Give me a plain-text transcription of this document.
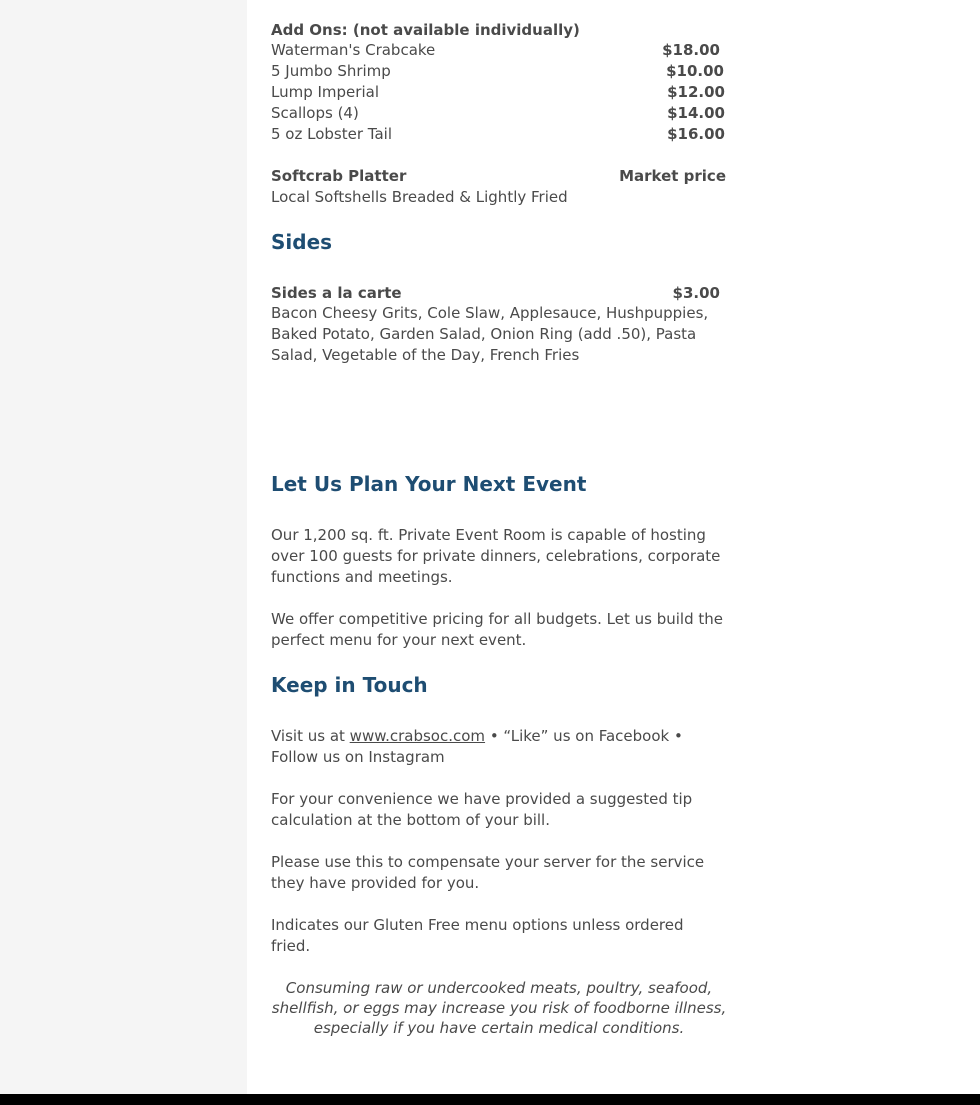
Add Ons: (not available individually)
Waterman's Crabcake	$18.00
5 Jumbo Shrimp	$10.00
Lump Imperial	$12.00
Scallops (4)	$14.00
5 oz Lobster Tail	$16.00
Softcrab Platter	Market price
Local Softshells Breaded & Lightly Fried
Sides
Sides a la carte	$3.00
Bacon Cheesy Grits, Cole Slaw, Applesauce, Hushpuppies, Baked Potato, Garden Salad, Onion Ring (add .50), Pasta Salad, Vegetable of the Day, French Fries
Let Us Plan Your Next Event
Our 1,200 sq. ft. Private Event Room is capable of hosting over 100 guests for private dinners, celebrations, corporate functions and meetings.
We offer competitive pricing for all budgets. Let us build the perfect menu for your next event.
Keep in Touch
Visit us at www.crabsoc.com • “Like” us on Facebook • Follow us on Instagram
For your convenience we have provided a suggested tip calculation at the bottom of your bill.
Please use this to compensate your server for the service they have provided for you.
Indicates our Gluten Free menu options unless ordered fried.
Consuming raw or undercooked meats, poultry, seafood, shellfish, or eggs may increase you risk of foodborne illness, especially if you have certain medical conditions.
